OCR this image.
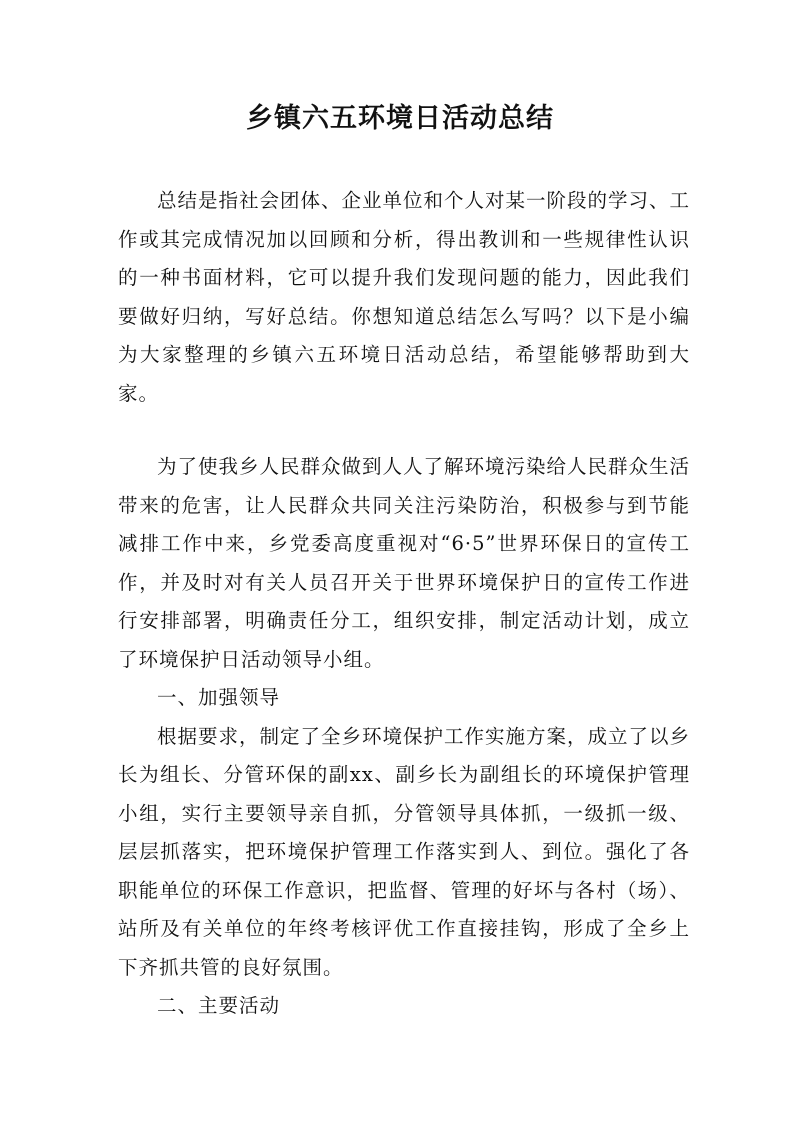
乡镇六五环境日活动总结

总结是指社会团体、企业单位和个人对某一阶段的学习、工作或其完成情况加以回顾和分析，得出教训和一些规律性认识的一种书面材料，它可以提升我们发现问题的能力，因此我们要做好归纳，写好总结。你想知道总结怎么写吗？以下是小编为大家整理的乡镇六五环境日活动总结，希望能够帮助到大家。

为了使我乡人民群众做到人人了解环境污染给人民群众生活带来的危害，让人民群众共同关注污染防治，积极参与到节能减排工作中来，乡党委高度重视对“6·5”世界环保日的宣传工作，并及时对有关人员召开关于世界环境保护日的宣传工作进行安排部署，明确责任分工，组织安排，制定活动计划，成立了环境保护日活动领导小组。

一、加强领导

根据要求，制定了全乡环境保护工作实施方案，成立了以乡长为组长、分管环保的副xx、副乡长为副组长的环境保护管理小组，实行主要领导亲自抓，分管领导具体抓，一级抓一级、层层抓落实，把环境保护管理工作落实到人、到位。强化了各职能单位的环保工作意识，把监督、管理的好坏与各村（场）、站所及有关单位的年终考核评优工作直接挂钩，形成了全乡上下齐抓共管的良好氛围。

二、主要活动
